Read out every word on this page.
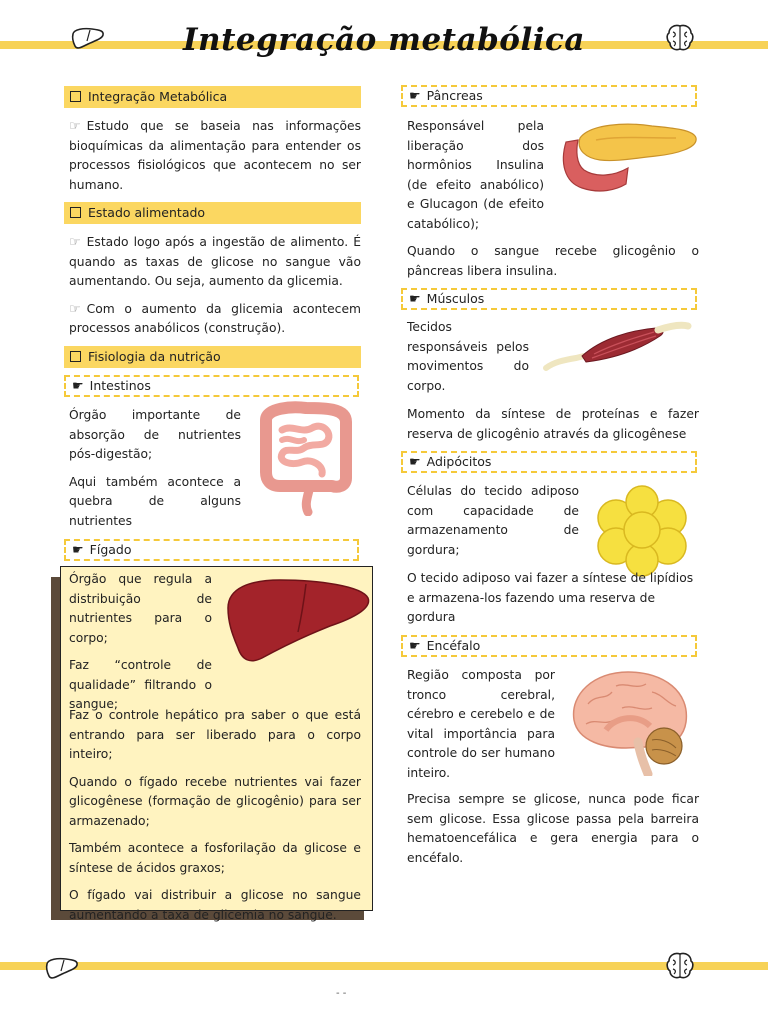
Integração metabólica
Integração Metabólica

☞ Estudo que se baseia nas informações bioquímicas da alimentação para entender os processos fisiológicos que acontecem no ser humano.

Estado alimentado

☞ Estado logo após a ingestão de alimento. É quando as taxas de glicose no sangue vão aumentando. Ou seja, aumento da glicemia.

☞ Com o aumento da glicemia acontecem processos anabólicos (construção).

Fisiologia da nutrição
☛ Intestinos

Órgão importante de absorção de nutrientes pós-digestão;

Aqui também acontece a quebra de alguns nutrientes

☛ Fígado

Órgão que regula a distribuição de nutrientes para o corpo;

Faz “controle de qualidade” filtrando o sangue;

Faz o controle hepático pra saber o que está entrando para ser liberado para o corpo inteiro;

Quando o fígado recebe nutrientes vai fazer glicogênese (formação de glicogênio) para ser armazenado;

Também acontece a fosforilação da glicose e síntese de ácidos graxos;

O fígado vai distribuir a glicose no sangue aumentando a taxa de glicemia no sangue.

☛ Pâncreas

Responsável pela liberação dos hormônios Insulina (de efeito anabólico) e Glucagon (de efeito catabólico);

Quando o sangue recebe glicogênio o pâncreas libera insulina.

☛ Músculos

Tecidos responsáveis pelos movimentos do corpo.

Momento da síntese de proteínas e fazer reserva de glicogênio através da glicogênese

☛ Adipócitos

Células do tecido adiposo com capacidade de armazenamento de gordura;

O tecido adiposo vai fazer a síntese de lipídios e armazena-los fazendo uma reserva de gordura

☛ Encéfalo

Região composta por tronco cerebral, cérebro e cerebelo e de vital importância para controle do ser humano inteiro.

Precisa sempre se glicose, nunca pode ficar sem glicose. Essa glicose passa pela barreira hematoencefálica e gera energia para o encéfalo.

- -
